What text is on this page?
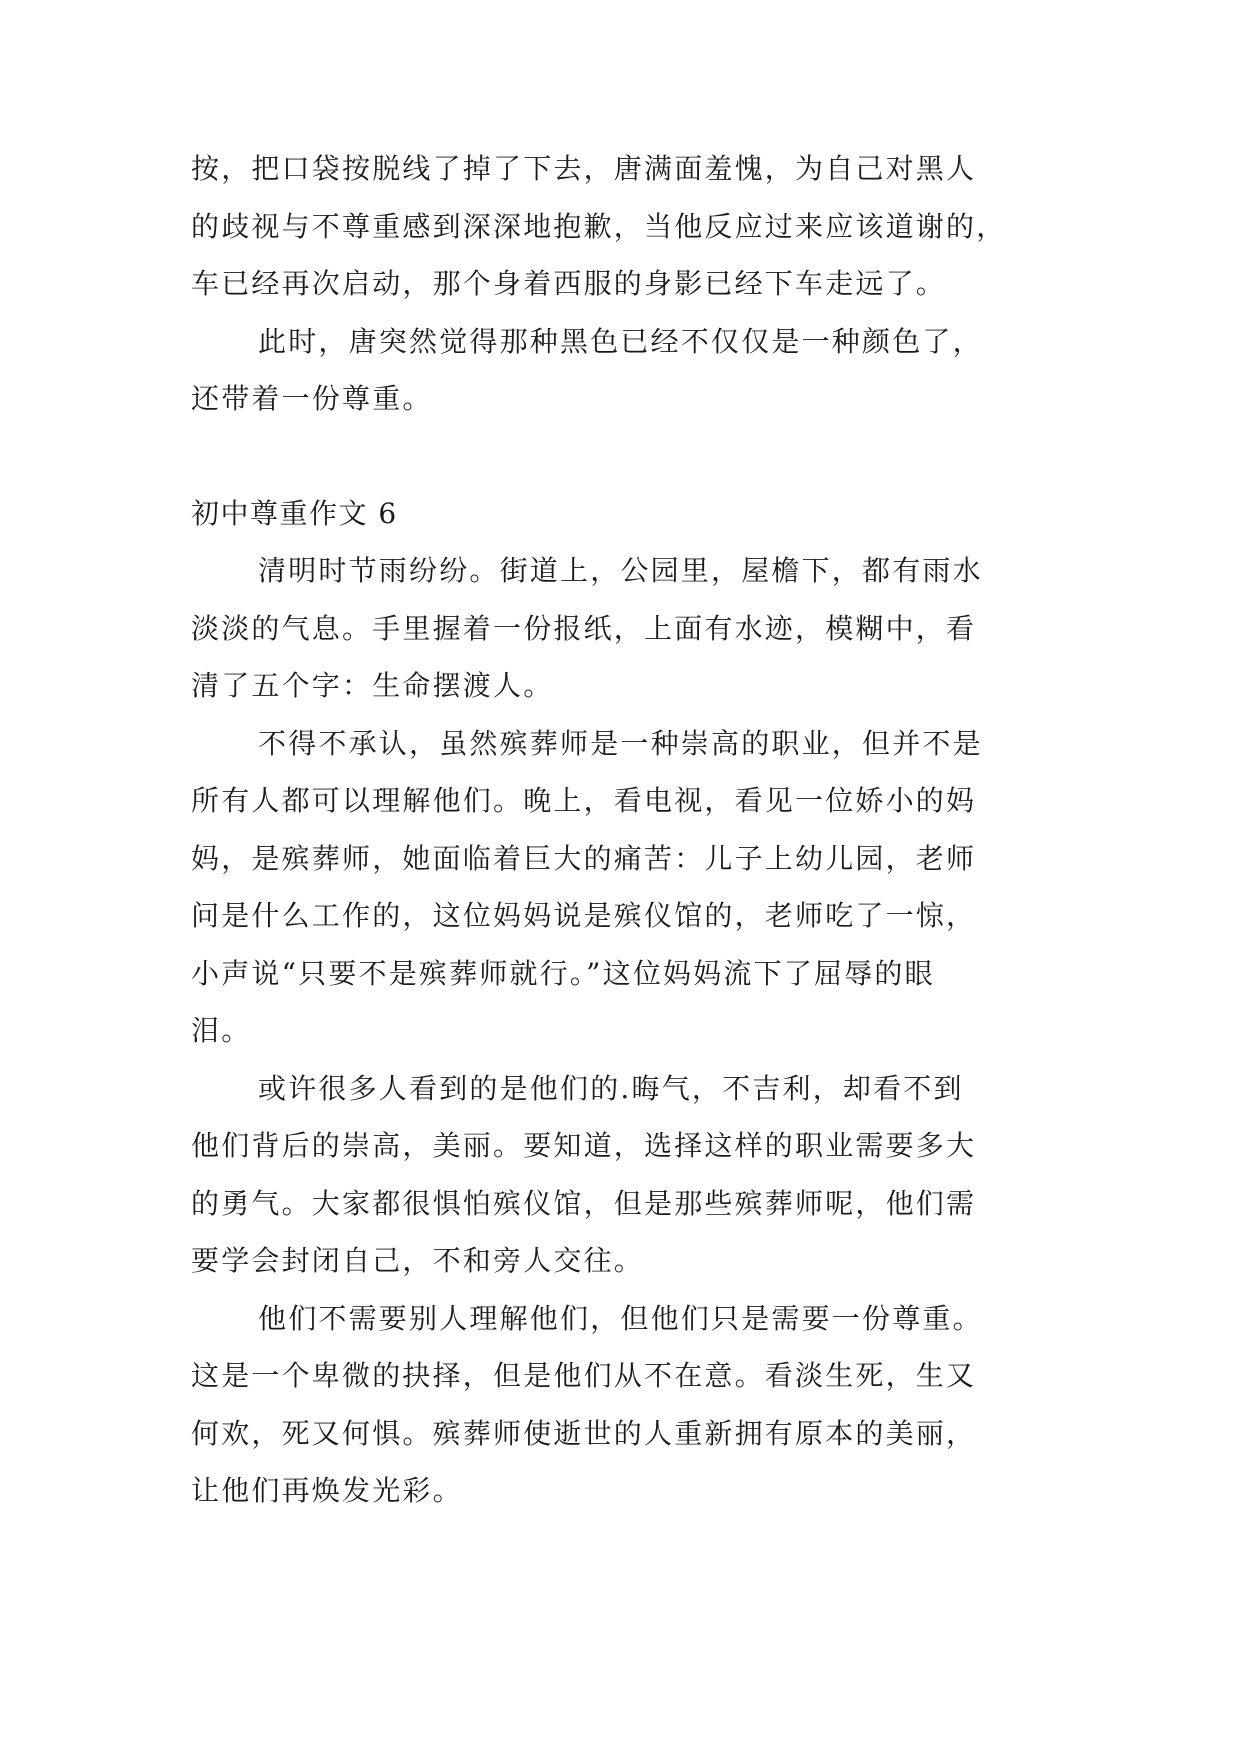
按，把口袋按脱线了掉了下去，唐满面羞愧，为自己对黑人
的歧视与不尊重感到深深地抱歉，当他反应过来应该道谢的，
车已经再次启动，那个身着西服的身影已经下车走远了。
此时，唐突然觉得那种黑色已经不仅仅是一种颜色了，
还带着一份尊重。
初中尊重作文 6
清明时节雨纷纷。街道上，公园里，屋檐下，都有雨水
淡淡的气息。手里握着一份报纸，上面有水迹，模糊中，看
清了五个字：生命摆渡人。
不得不承认，虽然殡葬师是一种崇高的职业，但并不是
所有人都可以理解他们。晚上，看电视，看见一位娇小的妈
妈，是殡葬师，她面临着巨大的痛苦：儿子上幼儿园，老师
问是什么工作的，这位妈妈说是殡仪馆的，老师吃了一惊，
小声说“只要不是殡葬师就行。”这位妈妈流下了屈辱的眼
泪。
或许很多人看到的是他们的.晦气，不吉利，却看不到
他们背后的崇高，美丽。要知道，选择这样的职业需要多大
的勇气。大家都很惧怕殡仪馆，但是那些殡葬师呢，他们需
要学会封闭自己，不和旁人交往。
他们不需要别人理解他们，但他们只是需要一份尊重。
这是一个卑微的抉择，但是他们从不在意。看淡生死，生又
何欢，死又何惧。殡葬师使逝世的人重新拥有原本的美丽，
让他们再焕发光彩。
